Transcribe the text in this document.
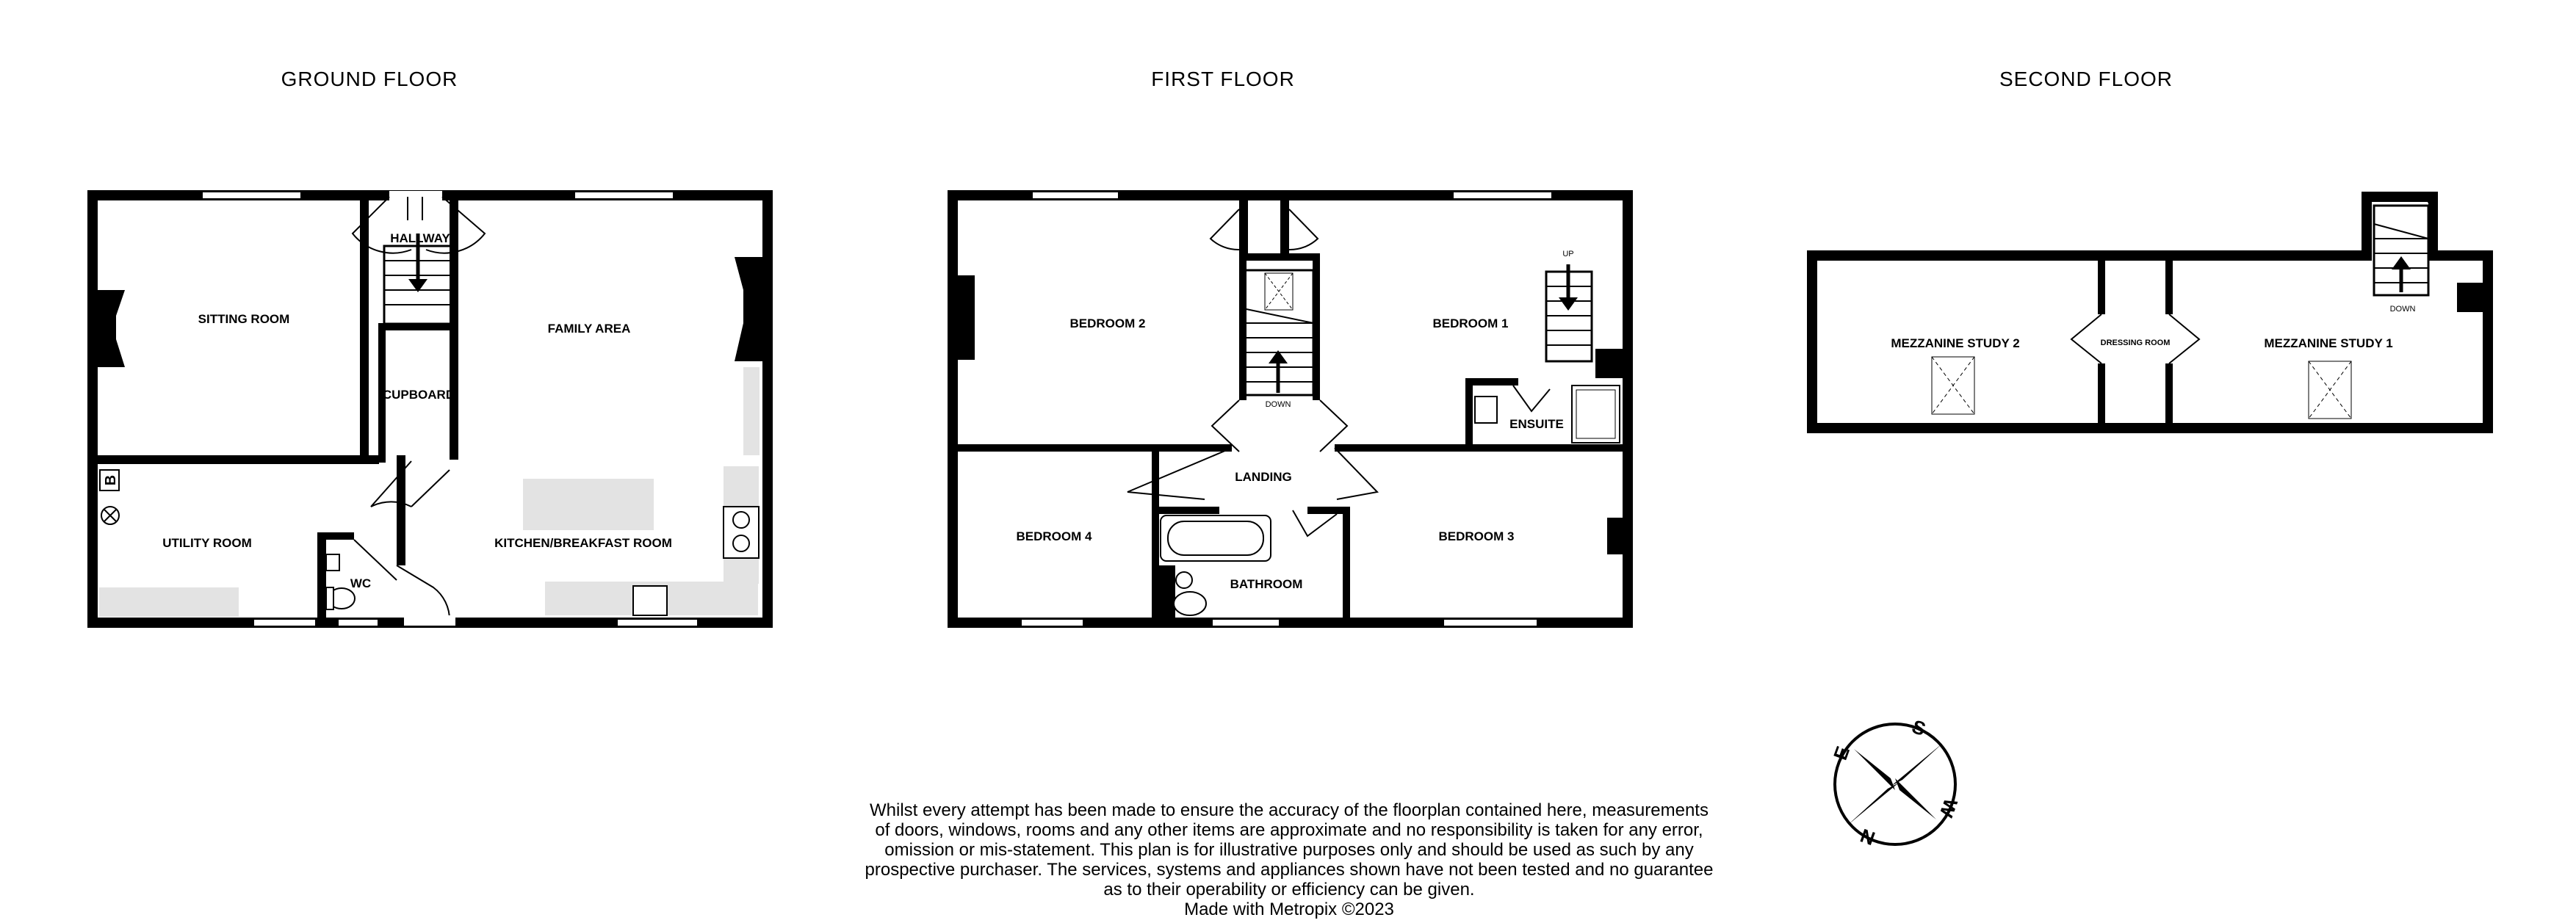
GROUND FLOOR	FIRST FLOOR	SECOND FLOOR
HALLWAY
SITTING ROOM
FAMILY AREA
CUPBOARD
UTILITY ROOM
WC
KITCHEN/BREAKFAST ROOM
B
BEDROOM 2	BEDROOM 1
ENSUITE
LANDING
BEDROOM 4
BATHROOM
BEDROOM 3
DOWN
UP
MEZZANINE STUDY 2	DRESSING ROOM	MEZZANINE STUDY 1
DOWN
S
E
W
N
Whilst every attempt has been made to ensure the accuracy of the floorplan contained here, measurements
of doors, windows, rooms and any other items are approximate and no responsibility is taken for any error,
omission or mis-statement. This plan is for illustrative purposes only and should be used as such by any
prospective purchaser. The services, systems and appliances shown have not been tested and no guarantee
as to their operability or efficiency can be given.
Made with Metropix ©2023
